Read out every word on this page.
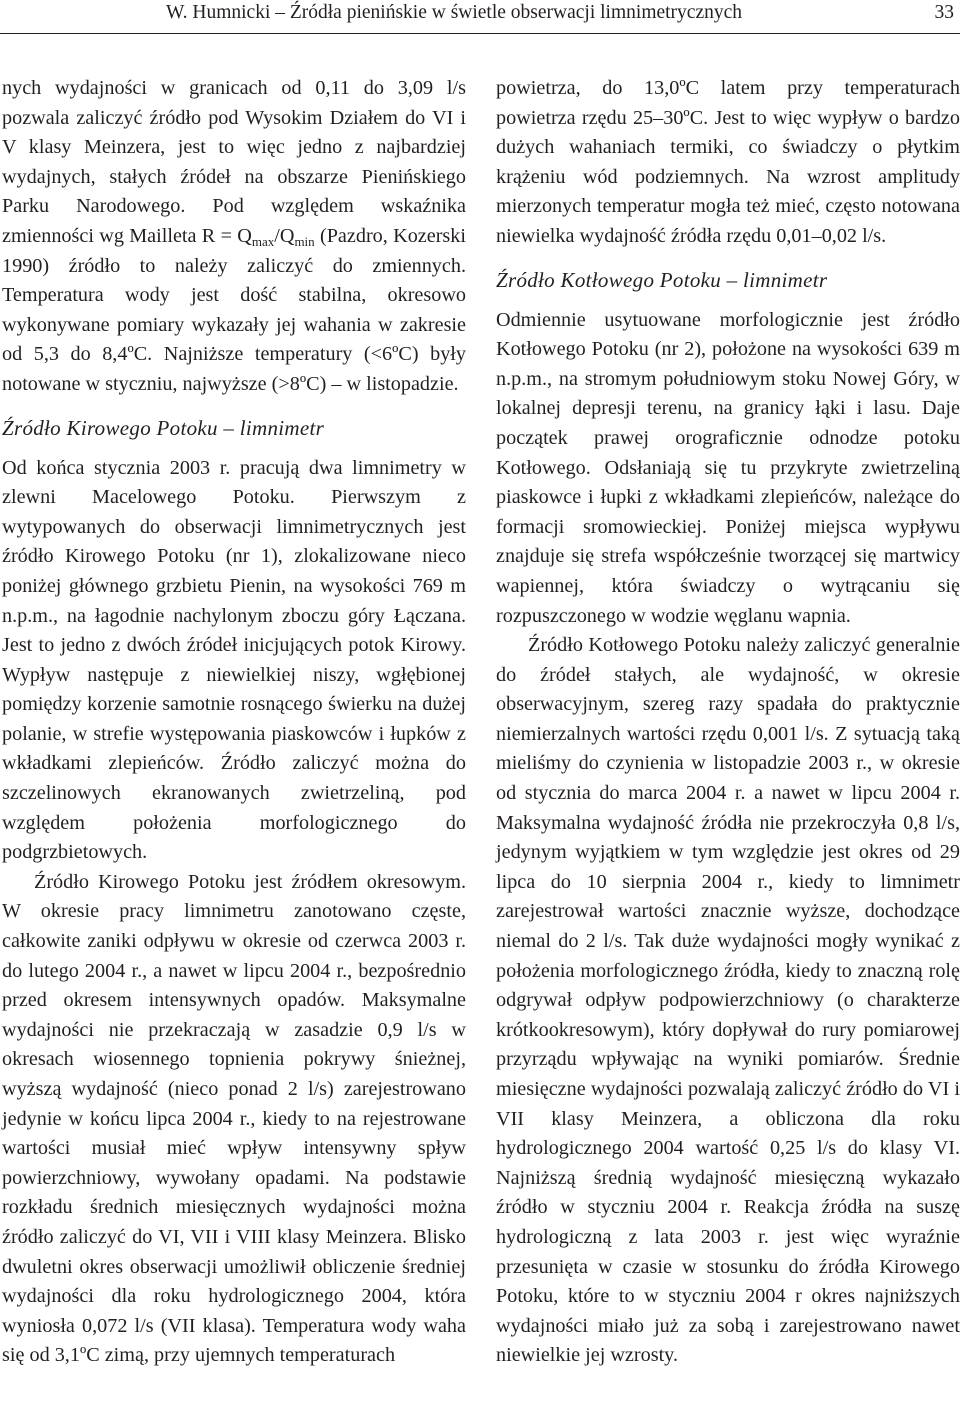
W. Humnicki – Źródła pienińskie w świetle obserwacji limnimetrycznych	33

nych wydajności w granicach od 0,11 do 3,09 l/s pozwala zaliczyć źródło pod Wysokim Działem do VI i V klasy Meinzera, jest to więc jedno z najbardziej wydajnych, stałych źródeł na obszarze Pienińskiego Parku Narodowego. Pod względem wskaźnika zmienności wg Mailleta $R = Q_{max}/Q_{min}$ (Pazdro, Kozerski 1990) źródło to należy zaliczyć do zmiennych. Temperatura wody jest dość stabilna, okresowo wykonywane pomiary wykazały jej wahania w zakresie od 5,3 do 8,4ºC. Najniższe temperatury (<6ºC) były notowane w styczniu, najwyższe (>8ºC) – w listopadzie.

Źródło Kirowego Potoku – limnimetr

Od końca stycznia 2003 r. pracują dwa limnimetry w zlewni Macelowego Potoku. Pierwszym z wytypowanych do obserwacji limnimetrycznych jest źródło Kirowego Potoku (nr 1), zlokalizowane nieco poniżej głównego grzbietu Pienin, na wysokości 769 m n.p.m., na łagodnie nachylonym zboczu góry Łączana. Jest to jedno z dwóch źródeł inicjujących potok Kirowy. Wypływ następuje z niewielkiej niszy, wgłębionej pomiędzy korzenie samotnie rosnącego świerku na dużej polanie, w strefie występowania piaskowców i łupków z wkładkami zlepieńców. Źródło zaliczyć można do szczelinowych ekranowanych zwietrzeliną, pod względem położenia morfologicznego do podgrzbietowych.

Źródło Kirowego Potoku jest źródłem okresowym. W okresie pracy limnimetru zanotowano częste, całkowite zaniki odpływu w okresie od czerwca 2003 r. do lutego 2004 r., a nawet w lipcu 2004 r., bezpośrednio przed okresem intensywnych opadów. Maksymalne wydajności nie przekraczają w zasadzie 0,9 l/s w okresach wiosennego topnienia pokrywy śnieżnej, wyższą wydajność (nieco ponad 2 l/s) zarejestrowano jedynie w końcu lipca 2004 r., kiedy to na rejestrowane wartości musiał mieć wpływ intensywny spływ powierzchniowy, wywołany opadami. Na podstawie rozkładu średnich miesięcznych wydajności można źródło zaliczyć do VI, VII i VIII klasy Meinzera. Blisko dwuletni okres obserwacji umożliwił obliczenie średniej wydajności dla roku hydrologicznego 2004, która wyniosła 0,072 l/s (VII klasa). Temperatura wody waha się od 3,1ºC zimą, przy ujemnych temperaturach

powietrza, do 13,0ºC latem przy temperaturach powietrza rzędu 25–30ºC. Jest to więc wypływ o bardzo dużych wahaniach termiki, co świadczy o płytkim krążeniu wód podziemnych. Na wzrost amplitudy mierzonych temperatur mogła też mieć, często notowana niewielka wydajność źródła rzędu 0,01–0,02 l/s.

Źródło Kotłowego Potoku – limnimetr

Odmiennie usytuowane morfologicznie jest źródło Kotłowego Potoku (nr 2), położone na wysokości 639 m n.p.m., na stromym południowym stoku Nowej Góry, w lokalnej depresji terenu, na granicy łąki i lasu. Daje początek prawej orograficznie odnodze potoku Kotłowego. Odsłaniają się tu przykryte zwietrzeliną piaskowce i łupki z wkładkami zlepieńców, należące do formacji sromowieckiej. Poniżej miejsca wypływu znajduje się strefa współcześnie tworzącej się martwicy wapiennej, która świadczy o wytrącaniu się rozpuszczonego w wodzie węglanu wapnia.

Źródło Kotłowego Potoku należy zaliczyć generalnie do źródeł stałych, ale wydajność, w okresie obserwacyjnym, szereg razy spadała do praktycznie niemierzalnych wartości rzędu 0,001 l/s. Z sytuacją taką mieliśmy do czynienia w listopadzie 2003 r., w okresie od stycznia do marca 2004 r. a nawet w lipcu 2004 r. Maksymalna wydajność źródła nie przekroczyła 0,8 l/s, jedynym wyjątkiem w tym względzie jest okres od 29 lipca do 10 sierpnia 2004 r., kiedy to limnimetr zarejestrował wartości znacznie wyższe, dochodzące niemal do 2 l/s. Tak duże wydajności mogły wynikać z położenia morfologicznego źródła, kiedy to znaczną rolę odgrywał odpływ podpowierzchniowy (o charakterze krótkookresowym), który dopływał do rury pomiarowej przyrządu wpływając na wyniki pomiarów. Średnie miesięczne wydajności pozwalają zaliczyć źródło do VI i VII klasy Meinzera, a obliczona dla roku hydrologicznego 2004 wartość 0,25 l/s do klasy VI. Najniższą średnią wydajność miesięczną wykazało źródło w styczniu 2004 r. Reakcja źródła na suszę hydrologiczną z lata 2003 r. jest więc wyraźnie przesunięta w czasie w stosunku do źródła Kirowego Potoku, które to w styczniu 2004 r okres najniższych wydajności miało już za sobą i zarejestrowano nawet niewielkie jej wzrosty.
